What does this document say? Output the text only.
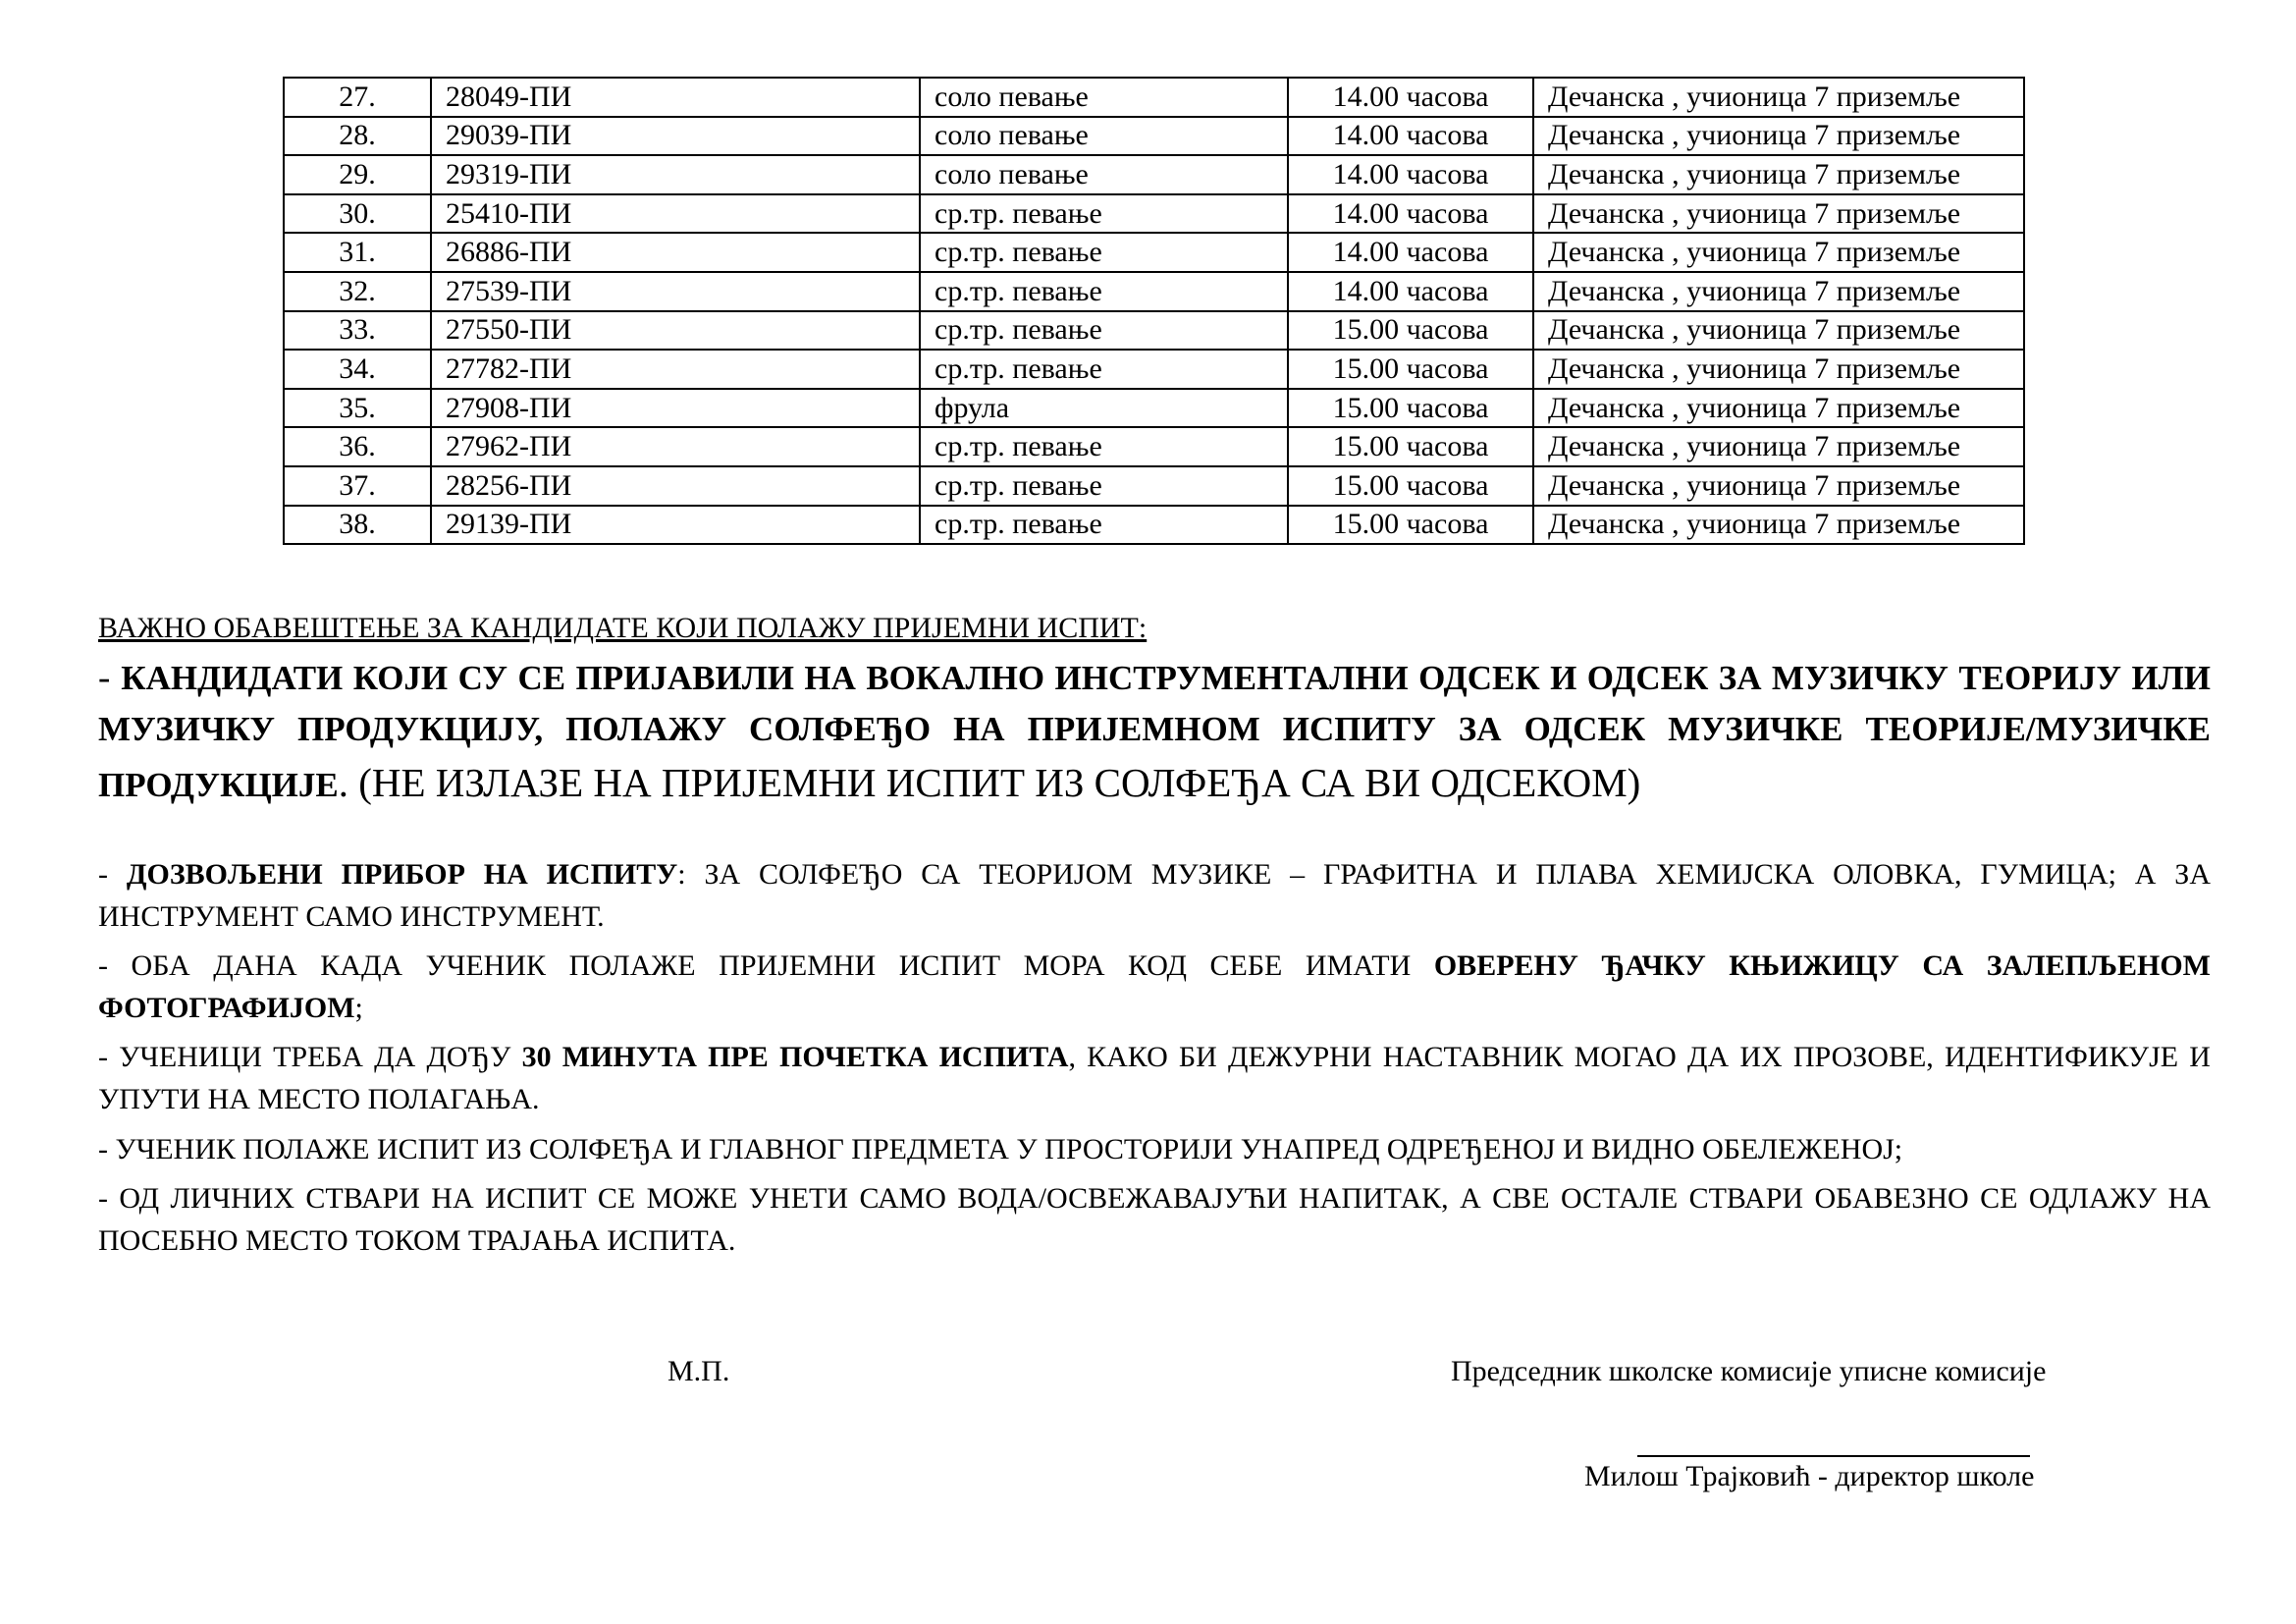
27.	28049-ПИ	соло певање	14.00 часова	Дечанска , учионица 7 приземље
28.	29039-ПИ	соло певање	14.00 часова	Дечанска , учионица 7 приземље
29.	29319-ПИ	соло певање	14.00 часова	Дечанска , учионица 7 приземље
30.	25410-ПИ	ср.тр. певање	14.00 часова	Дечанска , учионица 7 приземље
31.	26886-ПИ	ср.тр. певање	14.00 часова	Дечанска , учионица 7 приземље
32.	27539-ПИ	ср.тр. певање	14.00 часова	Дечанска , учионица 7 приземље
33.	27550-ПИ	ср.тр. певање	15.00 часова	Дечанска , учионица 7 приземље
34.	27782-ПИ	ср.тр. певање	15.00 часова	Дечанска , учионица 7 приземље
35.	27908-ПИ	фрула	15.00 часова	Дечанска , учионица 7 приземље
36.	27962-ПИ	ср.тр. певање	15.00 часова	Дечанска , учионица 7 приземље
37.	28256-ПИ	ср.тр. певање	15.00 часова	Дечанска , учионица 7 приземље
38.	29139-ПИ	ср.тр. певање	15.00 часова	Дечанска , учионица 7 приземље
ВАЖНО ОБАВЕШТЕЊЕ ЗА КАНДИДАТЕ КОЈИ ПОЛАЖУ ПРИЈЕМНИ ИСПИТ:
- КАНДИДАТИ КОЈИ СУ СЕ ПРИЈАВИЛИ НА ВОКАЛНО ИНСТРУМЕНТАЛНИ ОДСЕК И ОДСЕК ЗА МУЗИЧКУ ТЕОРИЈУ ИЛИ МУЗИЧКУ ПРОДУКЦИЈУ, ПОЛАЖУ СОЛФЕЂО НА ПРИЈЕМНОМ ИСПИТУ ЗА ОДСЕК МУЗИЧКЕ ТЕОРИЈЕ/МУЗИЧКЕ ПРОДУКЦИЈЕ. (НЕ ИЗЛАЗЕ НА ПРИЈЕМНИ ИСПИТ ИЗ СОЛФЕЂА СА ВИ ОДСЕКОМ)
- ДОЗВОЉЕНИ ПРИБОР НА ИСПИТУ: ЗА СОЛФЕЂО СА ТЕОРИЈОМ МУЗИКЕ – ГРАФИТНА И ПЛАВА ХЕМИЈСКА ОЛОВКА, ГУМИЦА; А ЗА ИНСТРУМЕНТ САМО ИНСТРУМЕНТ.
- ОБА ДАНА КАДА УЧЕНИК ПОЛАЖЕ ПРИЈЕМНИ ИСПИТ МОРА КОД СЕБЕ ИМАТИ ОВЕРЕНУ ЂАЧКУ КЊИЖИЦУ СА ЗАЛЕПЉЕНОМ ФОТОГРАФИЈОМ;
- УЧЕНИЦИ ТРЕБА ДА ДОЂУ 30 МИНУТА ПРЕ ПОЧЕТКА ИСПИТА, КАКО БИ ДЕЖУРНИ НАСТАВНИК МОГАО ДА ИХ ПРОЗОВЕ, ИДЕНТИФИКУЈЕ И УПУТИ НА МЕСТО ПОЛАГАЊА.
- УЧЕНИК ПОЛАЖЕ ИСПИТ ИЗ СОЛФЕЂА И ГЛАВНОГ ПРЕДМЕТА У ПРОСТОРИЈИ УНАПРЕД ОДРЕЂЕНОЈ И ВИДНО ОБЕЛЕЖЕНОЈ;
- ОД ЛИЧНИХ СТВАРИ НА ИСПИТ СЕ МОЖЕ УНЕТИ САМО ВОДА/ОСВЕЖАВАЈУЋИ НАПИТАК, А СВЕ ОСТАЛЕ СТВАРИ ОБАВЕЗНО СЕ ОДЛАЖУ НА ПОСЕБНО МЕСТО ТОКОМ ТРАЈАЊА ИСПИТА.
М.П.	Председник школске комисије уписне комисије
Милош Трајковић - директор школе
